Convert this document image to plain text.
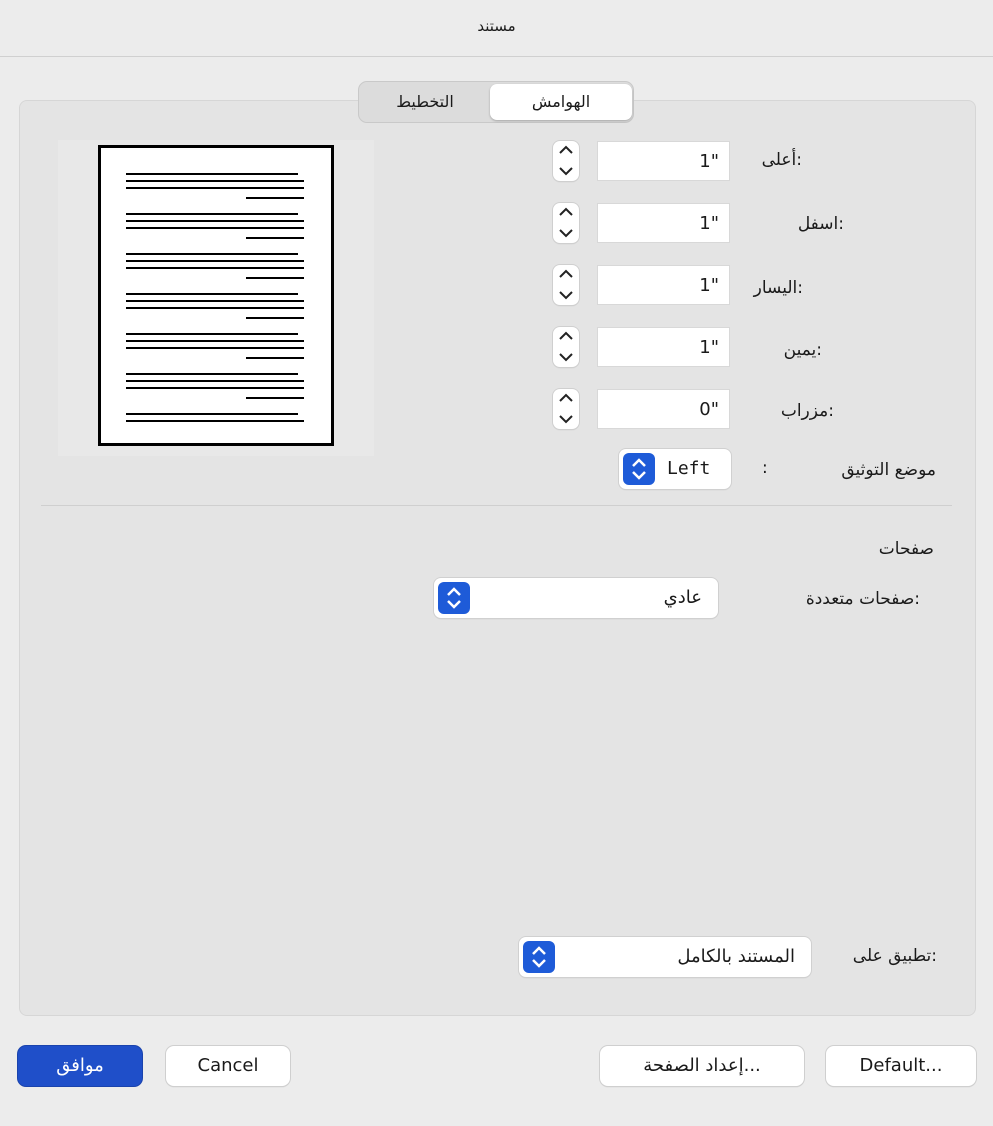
مستند
الهوامش
التخطيط
أعلى:
1"
اسفل:
1"
اليسار:
1"
يمين:
1"
مزراب:
0"
موضع التوثيق
:
Left
صفحات
صفحات متعددة:
عادي
تطبيق على:
المستند بالكامل
Default...
إعداد الصفحة...
Cancel
موافق
